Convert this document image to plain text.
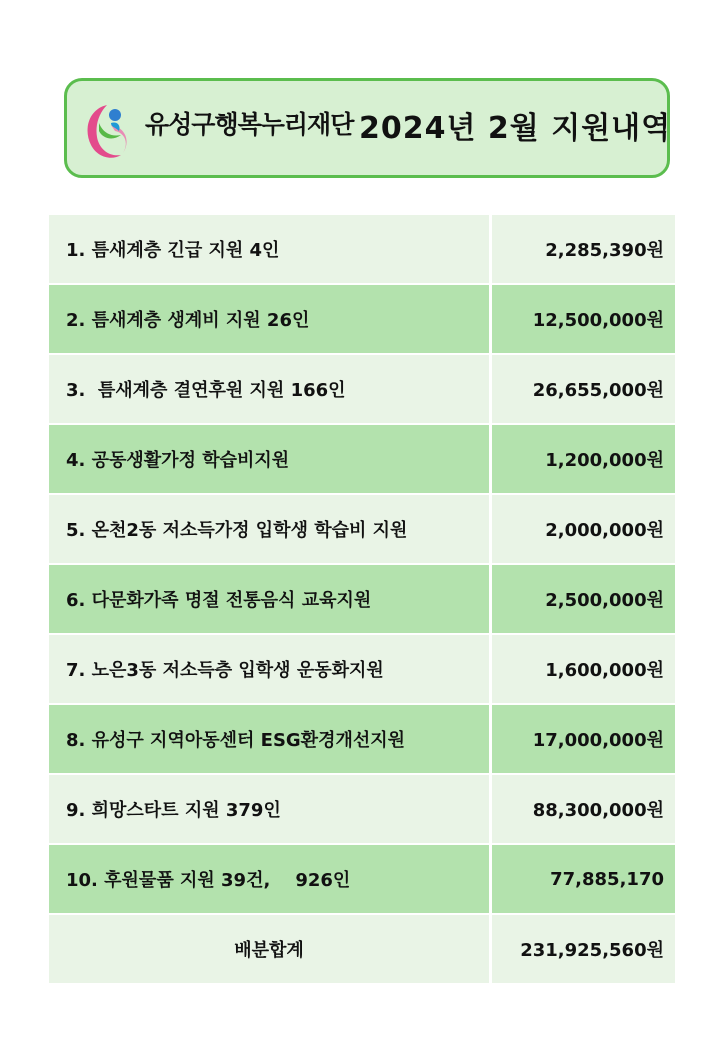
유성구행복누리재단 2024년 2월 지원내역
1. 틈새계층 긴급 지원 4인	2,285,390원
2. 틈새계층 생계비 지원 26인	12,500,000원
3.  틈새계층 결연후원 지원 166인	26,655,000원
4. 공동생활가정 학습비지원	1,200,000원
5. 온천2동 저소득가정 입학생 학습비 지원	2,000,000원
6. 다문화가족 명절 전통음식 교육지원	2,500,000원
7. 노은3동 저소득층 입학생 운동화지원	1,600,000원
8. 유성구 지역아동센터 ESG환경개선지원	17,000,000원
9. 희망스타트 지원 379인	88,300,000원
10. 후원물품 지원 39건,    926인	77,885,170
배분합계	231,925,560원
